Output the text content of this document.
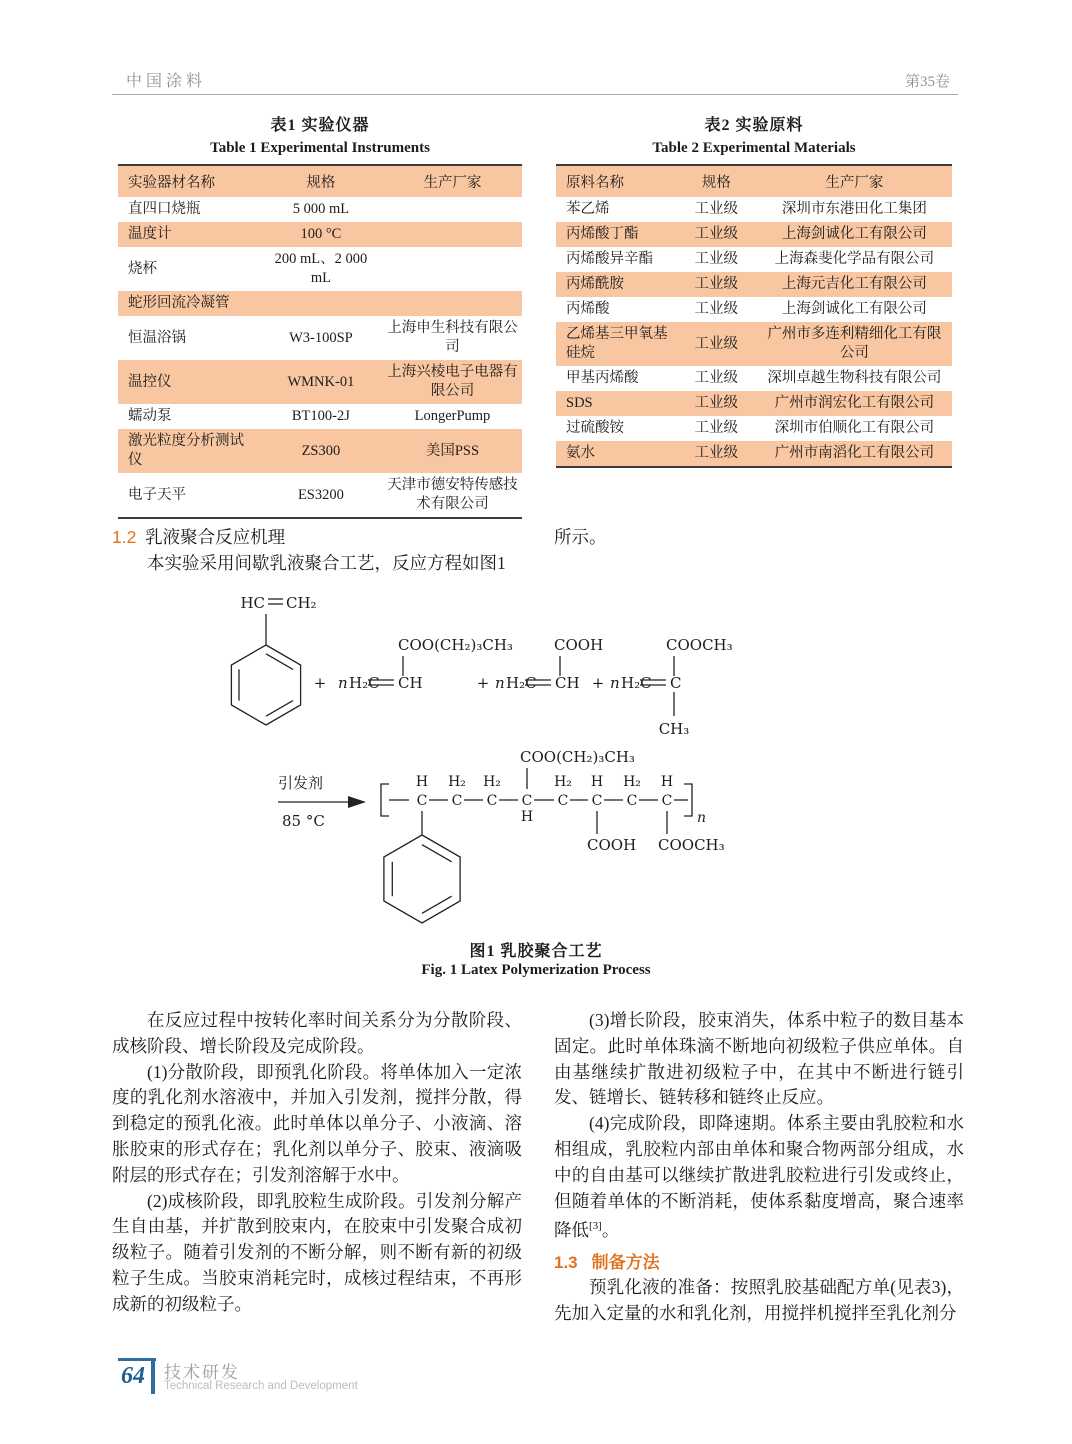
中国涂料	第35卷
表1 实验仪器
Table 1 Experimental Instruments
实验器材名称	规格	生产厂家
直四口烧瓶	5 000 mL	
温度计	100 °C	
烧杯	200 mL、2 000 mL	
蛇形回流冷凝管		
恒温浴锅	W3-100SP	上海申生科技有限公司
温控仪	WMNK-01	上海兴棱电子电器有限公司
蠕动泵	BT100-2J	LongerPump
激光粒度分析测试仪	ZS300	美国PSS
电子天平	ES3200	天津市德安特传感技术有限公司
表2 实验原料
Table 2 Experimental Materials
原料名称	规格	生产厂家
苯乙烯	工业级	深圳市东港田化工集团
丙烯酸丁酯	工业级	上海剑诚化工有限公司
丙烯酸异辛酯	工业级	上海森斐化学品有限公司
丙烯酰胺	工业级	上海元吉化工有限公司
丙烯酸	工业级	上海剑诚化工有限公司
乙烯基三甲氧基硅烷	工业级	广州市多连利精细化工有限公司
甲基丙烯酸	工业级	深圳卓越生物科技有限公司
SDS	工业级	广州市润宏化工有限公司
过硫酸铵	工业级	深圳市伯顺化工有限公司
氨水	工业级	广州市南滔化工有限公司
1.2 乳液聚合反应机理

本实验采用间歇乳液聚合工艺，反应方程如图1

所示。
HC CH₂
+ n H₂C CH
COO(CH₂)₃CH₃
+ n H₂C CH
COOH
+ n H₂C C
COOCH₃
CH₃
引发剂
85 °C
H H₂ H₂	H₂ H H₂ H
C C C C C C C C
COO(CH₂)₃CH₃
H
COOH COOCH₃
n
图1 乳胶聚合工艺
Fig. 1 Latex Polymerization Process

在反应过程中按转化率时间关系分为分散阶段、成核阶段、增长阶段及完成阶段。

(1)分散阶段，即预乳化阶段。将单体加入一定浓度的乳化剂水溶液中，并加入引发剂，搅拌分散，得到稳定的预乳化液。此时单体以单分子、小液滴、溶胀胶束的形式存在；乳化剂以单分子、胶束、液滴吸附层的形式存在；引发剂溶解于水中。

(2)成核阶段，即乳胶粒生成阶段。引发剂分解产生自由基，并扩散到胶束内，在胶束中引发聚合成初级粒子。随着引发剂的不断分解，则不断有新的初级粒子生成。当胶束消耗完时，成核过程结束，不再形成新的初级粒子。

(3)增长阶段，胶束消失，体系中粒子的数目基本固定。此时单体珠滴不断地向初级粒子供应单体。自由基继续扩散进初级粒子中，在其中不断进行链引发、链增长、链转移和链终止反应。

(4)完成阶段，即降速期。体系主要由乳胶粒和水相组成，乳胶粒内部由单体和聚合物两部分组成，水中的自由基可以继续扩散进乳胶粒进行引发或终止，但随着单体的不断消耗，使体系黏度增高，聚合速率降低[3]。

1.3 制备方法

预乳化液的准备：按照乳胶基础配方单(见表3)，先加入定量的水和乳化剂，用搅拌机搅拌至乳化剂分

64 技术研发
Technical Research and Development
